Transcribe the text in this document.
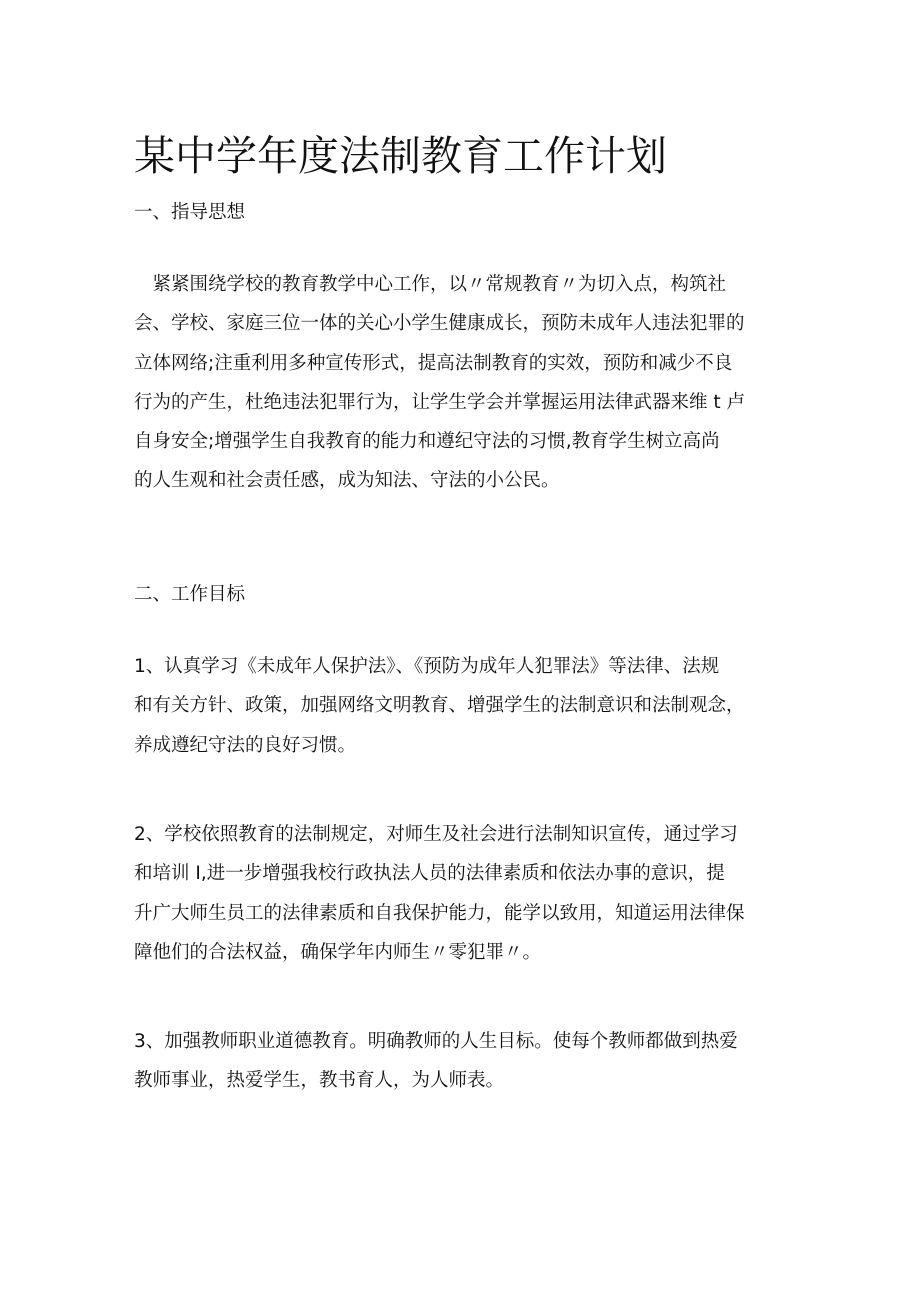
某中学年度法制教育工作计划
一、指导思想

　紧紧围绕学校的教育教学中心工作，以〃常规教育〃为切入点，构筑社
会、学校、家庭三位一体的关心小学生健康成长，预防未成年人违法犯罪的
立体网络;注重利用多种宣传形式，提高法制教育的实效，预防和减少不良
行为的产生，杜绝违法犯罪行为，让学生学会并掌握运用法律武器来维 t 卢
自身安全;增强学生自我教育的能力和遵纪守法的习惯,教育学生树立高尚
的人生观和社会责任感，成为知法、守法的小公民。

二、工作目标

1、认真学习《未成年人保护法》、《预防为成年人犯罪法》等法律、法规
和有关方针、政策，加强网络文明教育、增强学生的法制意识和法制观念，
养成遵纪守法的良好习惯。

2、学校依照教育的法制规定，对师生及社会进行法制知识宣传，通过学习
和培训 I,进一步增强我校行政执法人员的法律素质和依法办事的意识，提
升广大师生员工的法律素质和自我保护能力，能学以致用，知道运用法律保
障他们的合法权益，确保学年内师生〃零犯罪〃。

3、加强教师职业道德教育。明确教师的人生目标。使每个教师都做到热爱
教师事业，热爱学生，教书育人，为人师表。
